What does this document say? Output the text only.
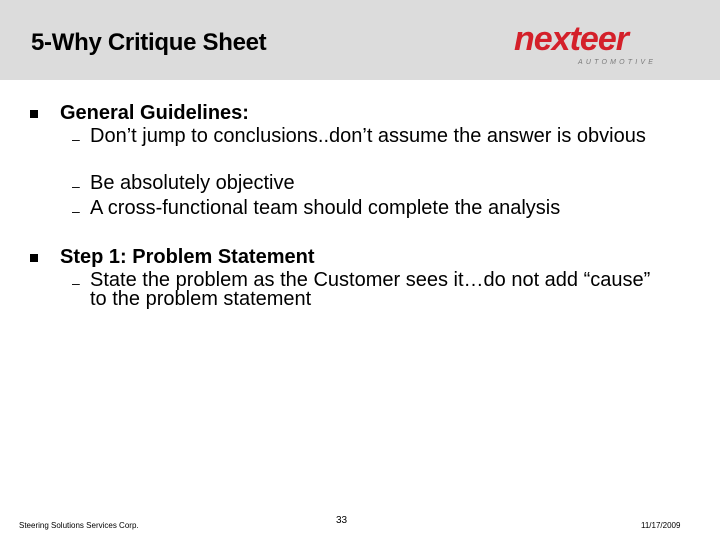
5-Why Critique Sheet	nexteer
AUTOMOTIVE
General Guidelines:
– Don’t jump to conclusions..don’t assume the answer is obvious
– Be absolutely objective
– A cross-functional team should complete the analysis
Step 1: Problem Statement
– State the problem as the Customer sees it…do not add “cause” to the problem statement
Steering Solutions Services Corp.	33	11/17/2009
